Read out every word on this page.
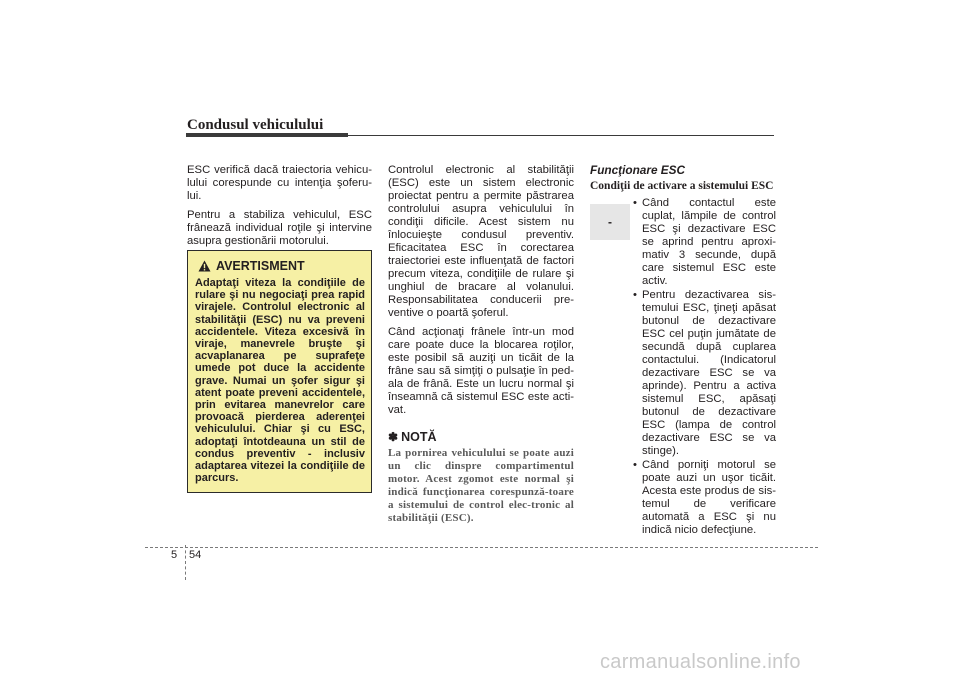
Condusul vehiculului

ESC verifică dacă traiectoria vehicu-lului corespunde cu intenţia şoferu-lui.

Pentru a stabiliza vehiculul, ESC frânează individual roţile şi intervine asupra gestionării motorului.

AVERTISMENT
Adaptaţi viteza la condiţiile de rulare şi nu negociaţi prea rapid virajele. Controlul electronic al stabilităţii (ESC) nu va preveni accidentele. Viteza excesivă în viraje, manevrele bruşte şi acvaplanarea pe suprafeţe umede pot duce la accidente grave. Numai un şofer sigur şi atent poate preveni accidentele, prin evitarea manevrelor care provoacă pierderea aderenţei vehiculului. Chiar şi cu ESC, adoptaţi întotdeauna un stil de condus preventiv - inclusiv adaptarea vitezei la condiţiile de parcurs.

Controlul electronic al stabilităţii (ESC) este un sistem electronic proiectat pentru a permite păstrarea controlului asupra vehiculului în condiţii dificile. Acest sistem nu înlocuieşte condusul preventiv. Eficacitatea ESC în corectarea traiectoriei este influenţată de factori precum viteza, condiţiile de rulare şi unghiul de bracare al volanului. Responsabilitatea conducerii pre-ventive o poartă şoferul.

Când acţionaţi frânele într-un mod care poate duce la blocarea roţilor, este posibil să auziţi un ticăit de la frâne sau să simţiţi o pulsaţie în ped-ala de frână. Este un lucru normal şi înseamnă că sistemul ESC este acti-vat.

✽ NOTĂ
La pornirea vehiculului se poate auzi un clic dinspre compartimentul motor. Acest zgomot este normal şi indică funcţionarea corespunză-toare a sistemului de control elec-tronic al stabilităţii (ESC).
Funcţionare ESC
Condiţii de activare a sistemului ESC
-
• Când contactul este cuplat, lămpile de control ESC şi dezactivare ESC se aprind pentru aproxi-mativ 3 secunde, după care sistemul ESC este activ.
• Pentru dezactivarea sis-temului ESC, ţineţi apăsat butonul de dezactivare ESC cel puţin jumătate de secundă după cuplarea contactului. (Indicatorul dezactivare ESC se va aprinde). Pentru a activa sistemul ESC, apăsaţi butonul de dezactivare ESC (lampa de control dezactivare ESC se va stinge).
• Când porniţi motorul se poate auzi un uşor ticăit. Acesta este produs de sis-temul de verificare automată a ESC şi nu indică nicio defecţiune.
5 54
carmanualsonline.info
